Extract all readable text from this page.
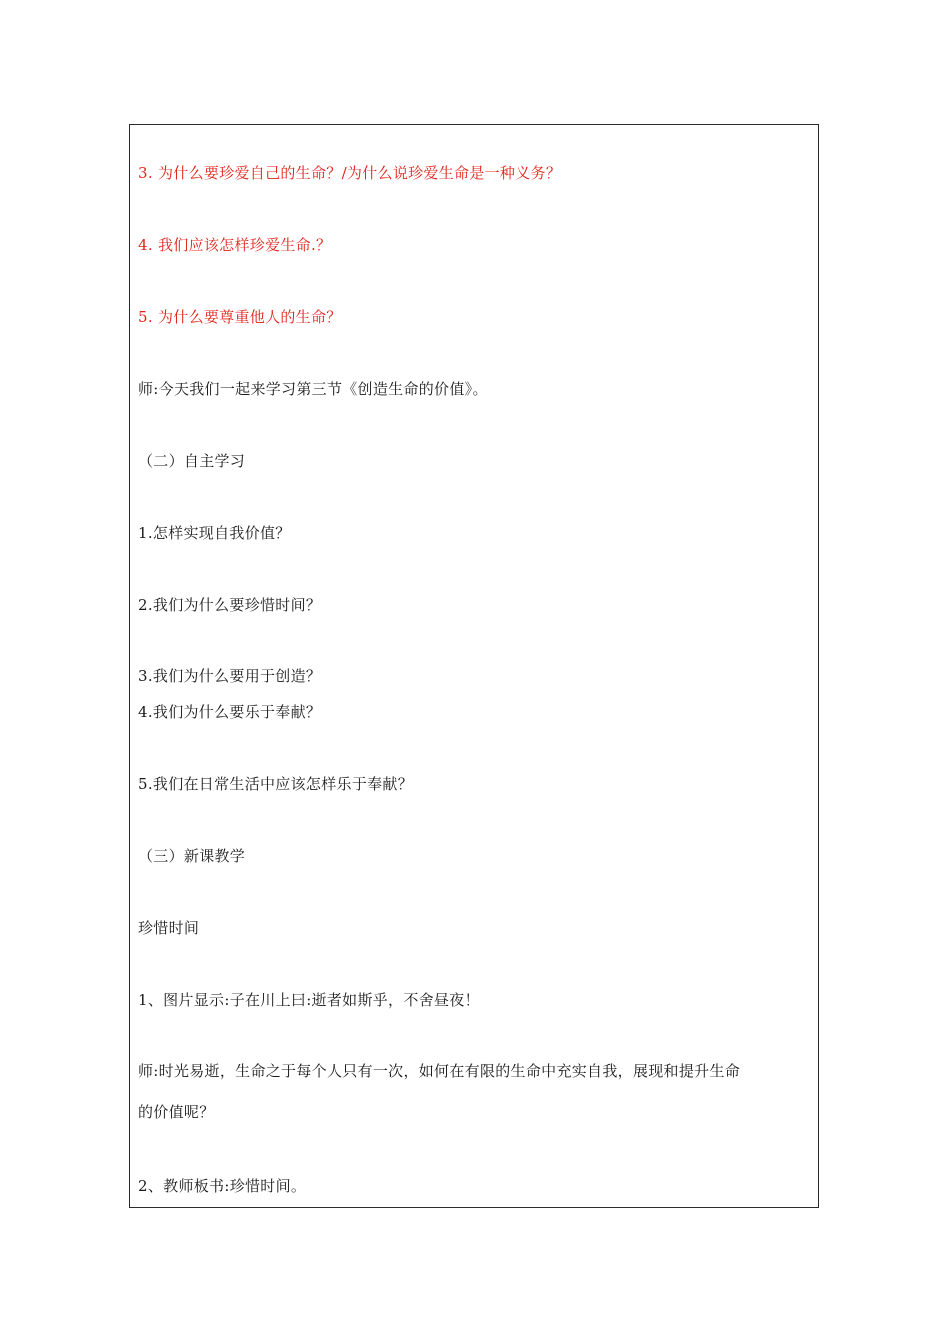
3. 为什么要珍爱自己的生命？/为什么说珍爱生命是一种义务？
4. 我们应该怎样珍爱生命.？
5. 为什么要尊重他人的生命？
师:今天我们一起来学习第三节《创造生命的价值》。
（二）自主学习
1.怎样实现自我价值？
2.我们为什么要珍惜时间？
3.我们为什么要用于创造？
4.我们为什么要乐于奉献？
5.我们在日常生活中应该怎样乐于奉献？
（三）新课教学
珍惜时间
1、图片显示:子在川上曰:逝者如斯乎，不舍昼夜！
师:时光易逝，生命之于每个人只有一次，如何在有限的生命中充实自我，展现和提升生命
的价值呢？
2、教师板书:珍惜时间。
